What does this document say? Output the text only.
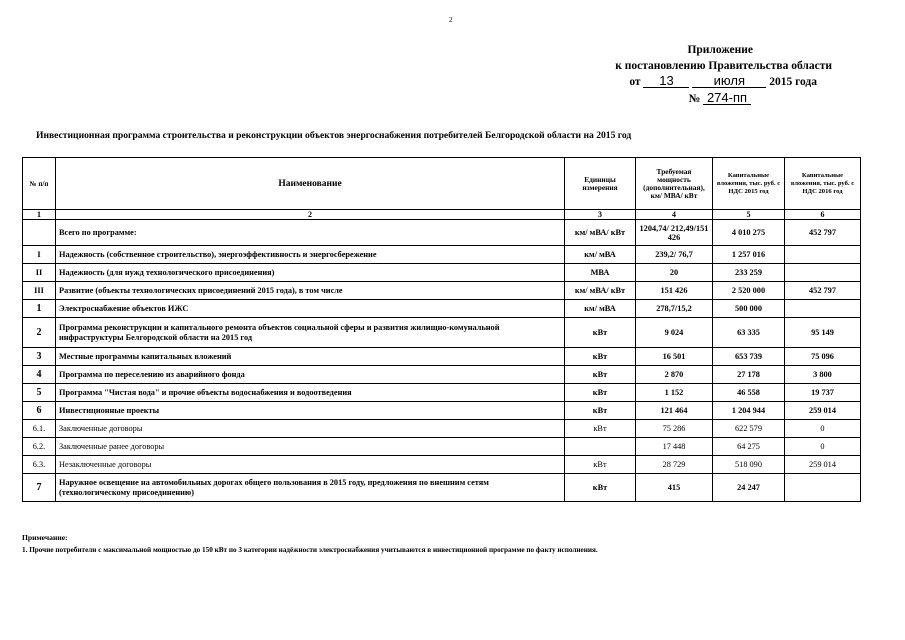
2
Приложение
к постановлению Правительства области
от 13	июля 2015 года
№ 274-пп
Инвестиционная программа строительства и реконструкции объектов энергоснабжения потребителей Белгородской области на 2015 год
№ п/п	Наименование	Единицы измерения	Требуемая мощность (дополнительная), км/ МВА/ кВт	Капитальные вложения, тыс. руб. с НДС 2015 год	Капитальные вложения, тыс. руб. с НДС 2016 год
1	2	3	4	5	6
	Всего по программе:	км/ мВА/ кВт	1204,74/ 212,49/151 426	4 010 275	452 797
I	Надежность (собственное строительство), энергоэффективность и энергосбережение	км/ мВА	239,2/ 76,7	1 257 016	
II	Надежность (для нужд технологического присоединения)	МВА	20	233 259	
III	Развитие (объекты технологических присоединений 2015 года), в том числе	км/ мВА/ кВт	151 426	2 520 000	452 797
1	Электроснабжение объектов ИЖС	км/ мВА	278,7/15,2	500 000	
2	Программа реконструкции и капитального ремонта объектов социальной сферы и развития жилищно-комунальной инфраструктуры Белгородской области на 2015 год	кВт	9 024	63 335	95 149
3	Местные программы капитальных вложений	кВт	16 501	653 739	75 096
4	Программа по переселению из аварийного фонда	кВт	2 870	27 178	3 800
5	Программа "Чистая вода" и прочие объекты водоснабжения и водоотведения	кВт	1 152	46 558	19 737
6	Инвестиционные проекты	кВт	121 464	1 204 944	259 014
6.1.	Заключенные договоры	кВт	75 286	622 579	0
6.2.	Заключенные ранее договоры		17 448	64 275	0
6.3.	Незаключенные договоры	кВт	28 729	518 090	259 014
7	Наружное освещение на автомобильных дорогах общего пользования в 2015 году, предложения по внешним сетям (технологическому присоединению)	кВт	415	24 247	
Примечание:
1. Прочие потребители с максимальной мощностью до 150 кВт по 3 категории надёжности электроснабжения учитываются в инвестиционной программе по факту исполнения.
